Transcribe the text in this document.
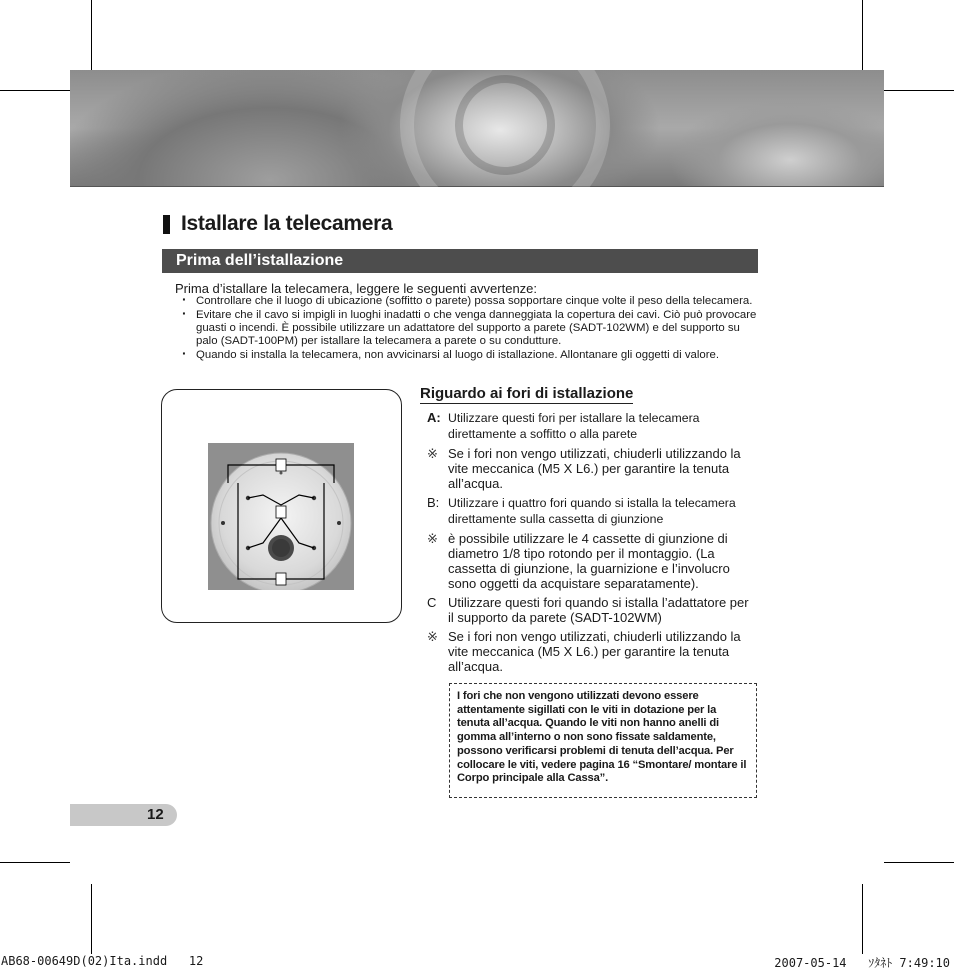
Istallare la telecamera
Prima dell’istallazione
Prima d’istallare la telecamera, leggere le seguenti avvertenze:
· Controllare che il luogo di ubicazione (soffitto o parete) possa sopportare cinque volte il peso della telecamera.
· Evitare che il cavo si impigli in luoghi inadatti o che venga danneggiata la copertura dei cavi. Ciò può provocare guasti o incendi. È possibile utilizzare un adattatore del supporto a parete (SADT-102WM) e del supporto su palo (SADT-100PM) per istallare la telecamera a parete o su condutture.
· Quando si installa la telecamera, non avvicinarsi al luogo di istallazione. Allontanare gli oggetti di valore.
Riguardo ai fori di istallazione
A: Utilizzare questi fori per istallare la telecamera direttamente a soffitto o alla parete
※ Se i fori non vengo utilizzati, chiuderli utilizzando la vite meccanica (M5 X L6.) per garantire la tenuta all’acqua.
B: Utilizzare i quattro fori quando si istalla la telecamera direttamente sulla cassetta di giunzione
※ è possibile utilizzare le 4 cassette di giunzione di diametro 1/8 tipo rotondo per il montaggio. (La cassetta di giunzione, la guarnizione e l’involucro sono oggetti da acquistare separatamente).
C Utilizzare questi fori quando si istalla l’adattatore per il supporto da parete (SADT-102WM)
※ Se i fori non vengo utilizzati, chiuderli utilizzando la vite meccanica (M5 X L6.) per garantire la tenuta all’acqua.
I fori che non vengono utilizzati devono essere attentamente sigillati con le viti in dotazione per la tenuta all’acqua. Quando le viti non hanno anelli di gomma all’interno o non sono fissate saldamente, possono verificarsi problemi di tenuta dell’acqua. Per collocare le viti, vedere pagina 16 “Smontare/ montare il Corpo principale alla Cassa”.
12
AB68-00649D(02)Ita.indd   12	2007-05-14   ｿﾀﾈﾄ 7:49:10
